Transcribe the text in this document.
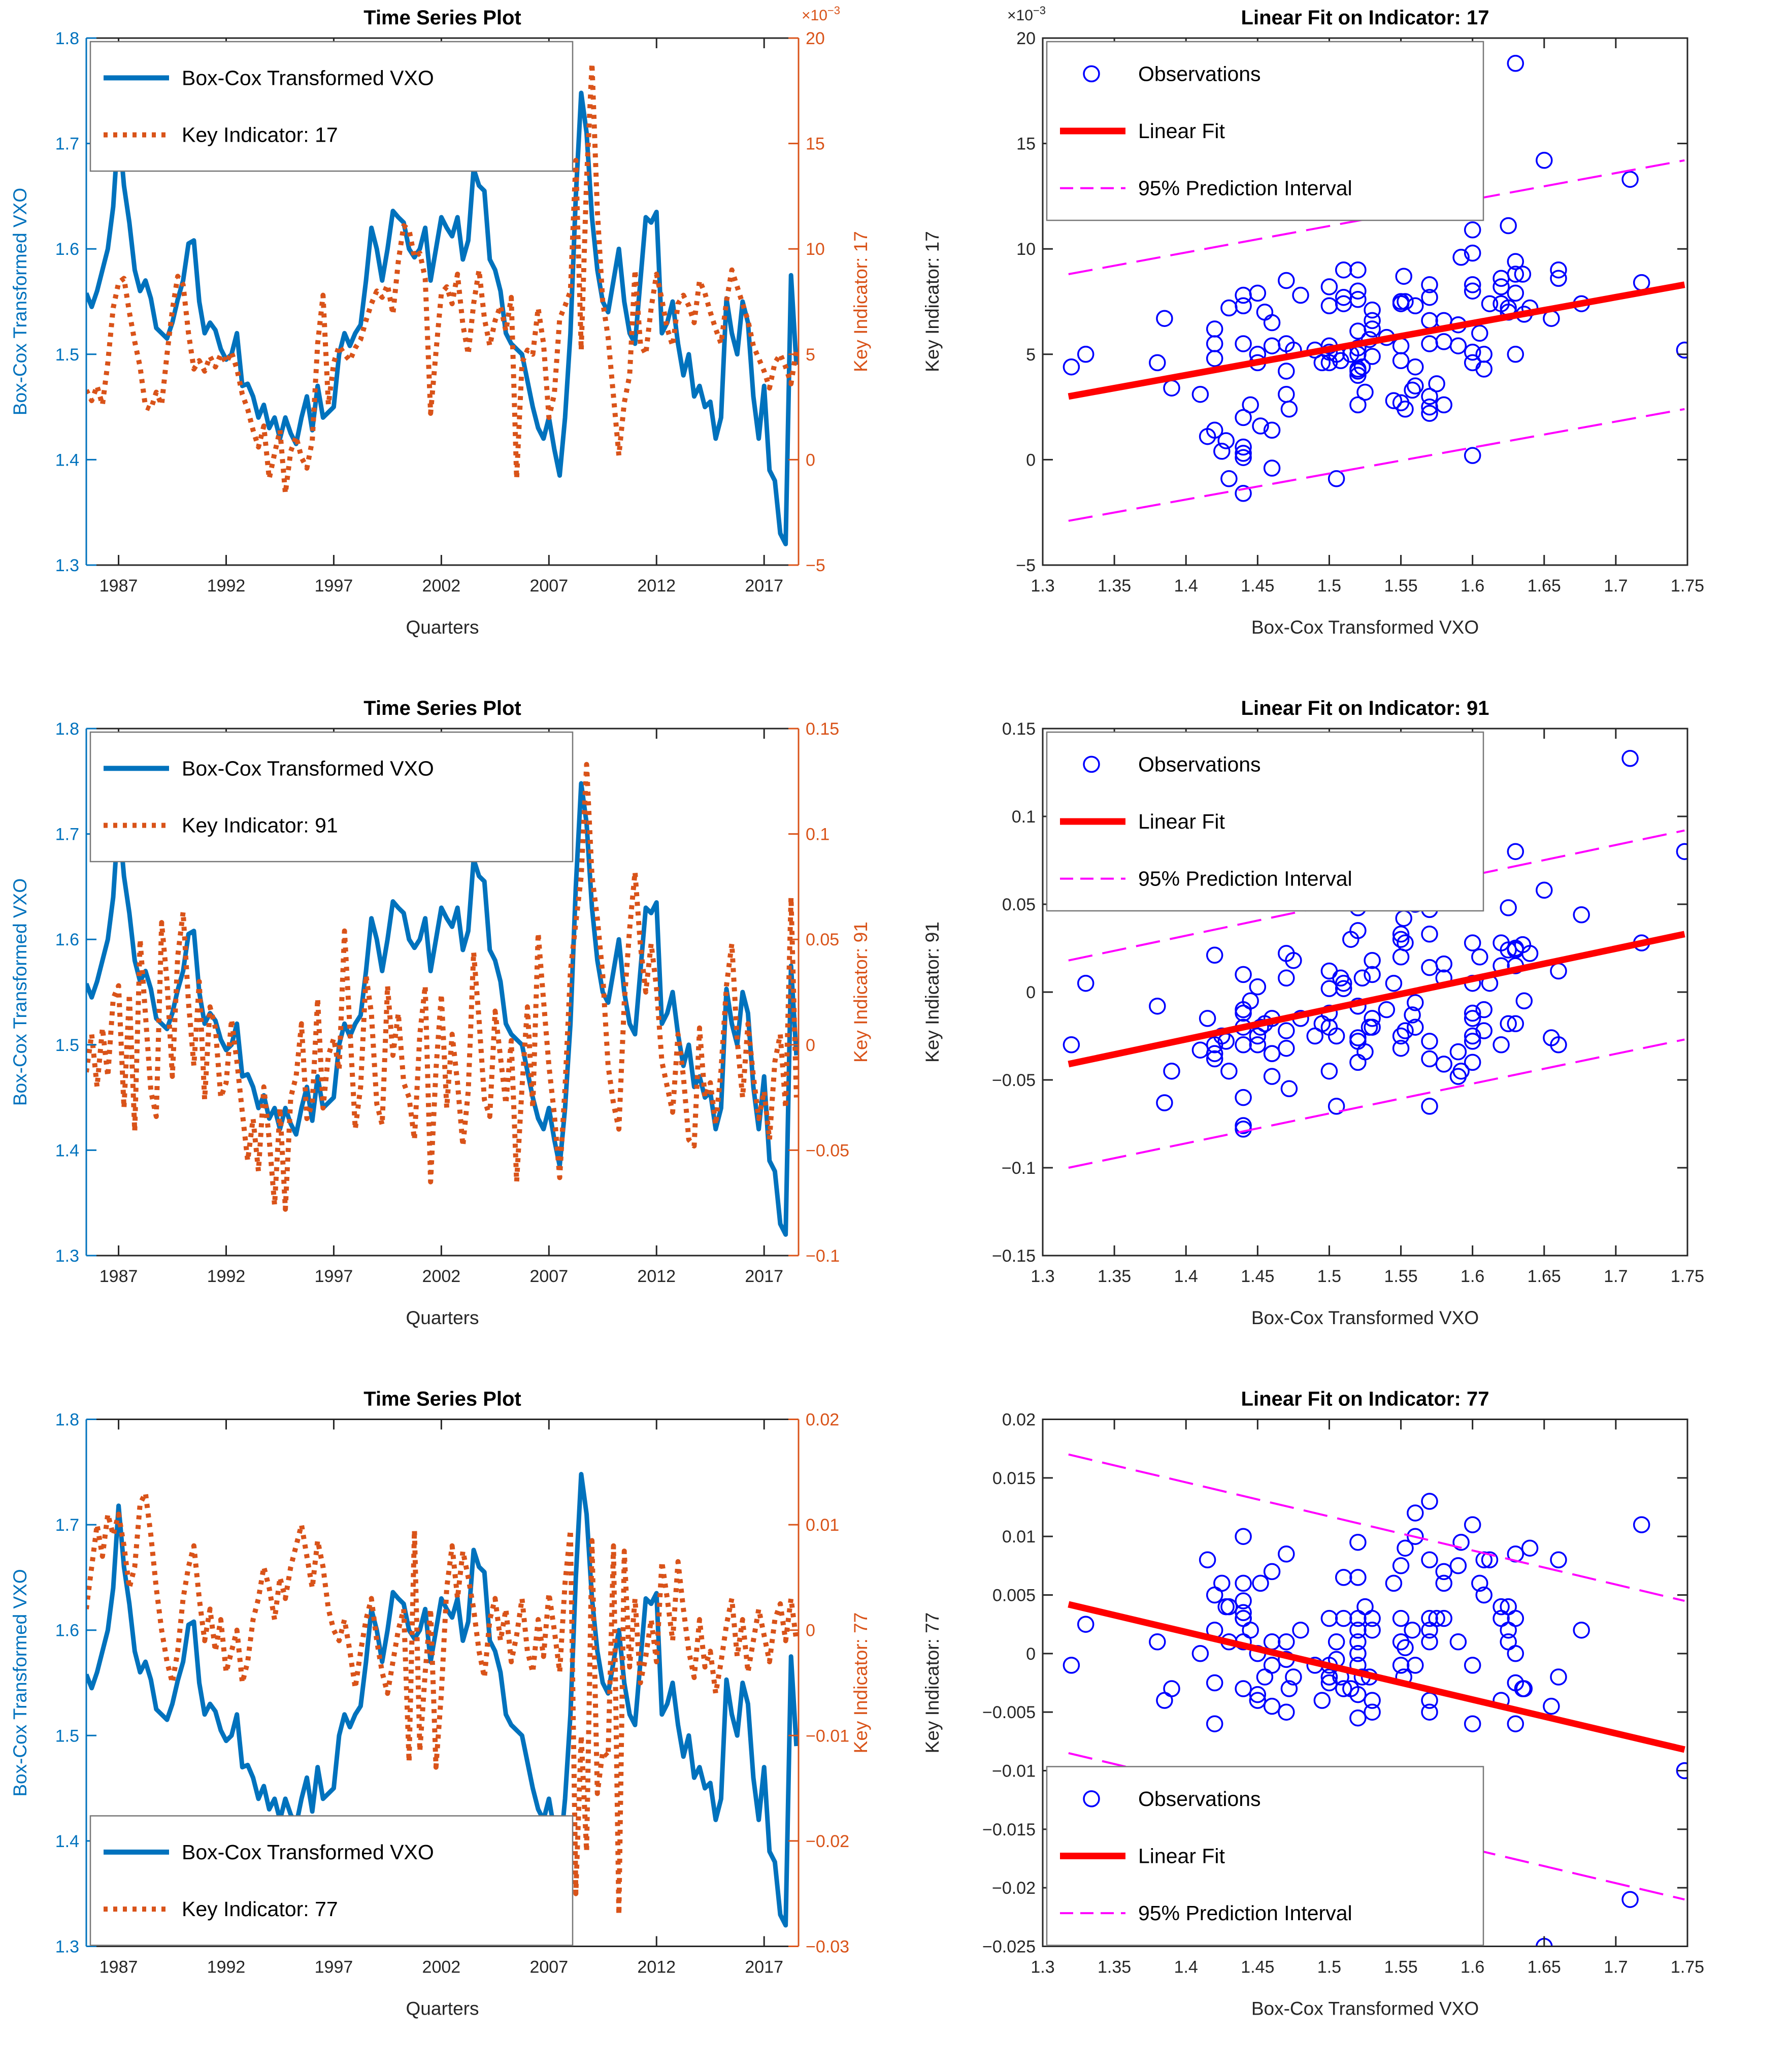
1987	1992	1997	2002	2007	2012	2017
1.3
1.4
1.5
1.6
1.7
1.8
−5
0
5
10
15
20
$\times 10^{-3}$
Time Series Plot
Quarters
Box-Cox Transformed VXO	Key Indicator: 17
Box-Cox Transformed VXO
Key Indicator: 17
1.3 1.35 1.4 1.45 1.5 1.55 1.6 1.65 1.7 1.75
−5
0
5
10
15
20
$\times 10^{-3}$	Linear Fit on Indicator: 17
Box-Cox Transformed VXO
Key Indicator: 17
Observations
Linear Fit
95% Prediction Interval
1987	1992	1997	2002	2007	2012	2017
1.3
1.4
1.5
1.6
1.7
1.8
−0.1
−0.05
0
0.05
0.1
0.15
Time Series Plot
Quarters
Box-Cox Transformed VXO	Key Indicator: 91
Box-Cox Transformed VXO
Key Indicator: 91
1.3 1.35 1.4 1.45 1.5 1.55 1.6 1.65 1.7 1.75
−0.15
−0.1
−0.05
0
0.05
0.1
0.15
Linear Fit on Indicator: 91
Box-Cox Transformed VXO
Key Indicator: 91
Observations
Linear Fit
95% Prediction Interval
1987	1992	1997	2002	2007	2012	2017
1.3
1.4
1.5
1.6
1.7
1.8
−0.03
−0.02
−0.01
0
0.01
0.02
Time Series Plot
Quarters
Box-Cox Transformed VXO	Key Indicator: 77
Box-Cox Transformed VXO
Key Indicator: 77
1.3 1.35 1.4 1.45 1.5 1.55 1.6 1.65 1.7 1.75
−0.025
−0.02
−0.015
−0.01
−0.005
0
0.005
0.01
0.015
0.02
Linear Fit on Indicator: 77
Box-Cox Transformed VXO
Key Indicator: 77
Observations
Linear Fit
95% Prediction Interval
